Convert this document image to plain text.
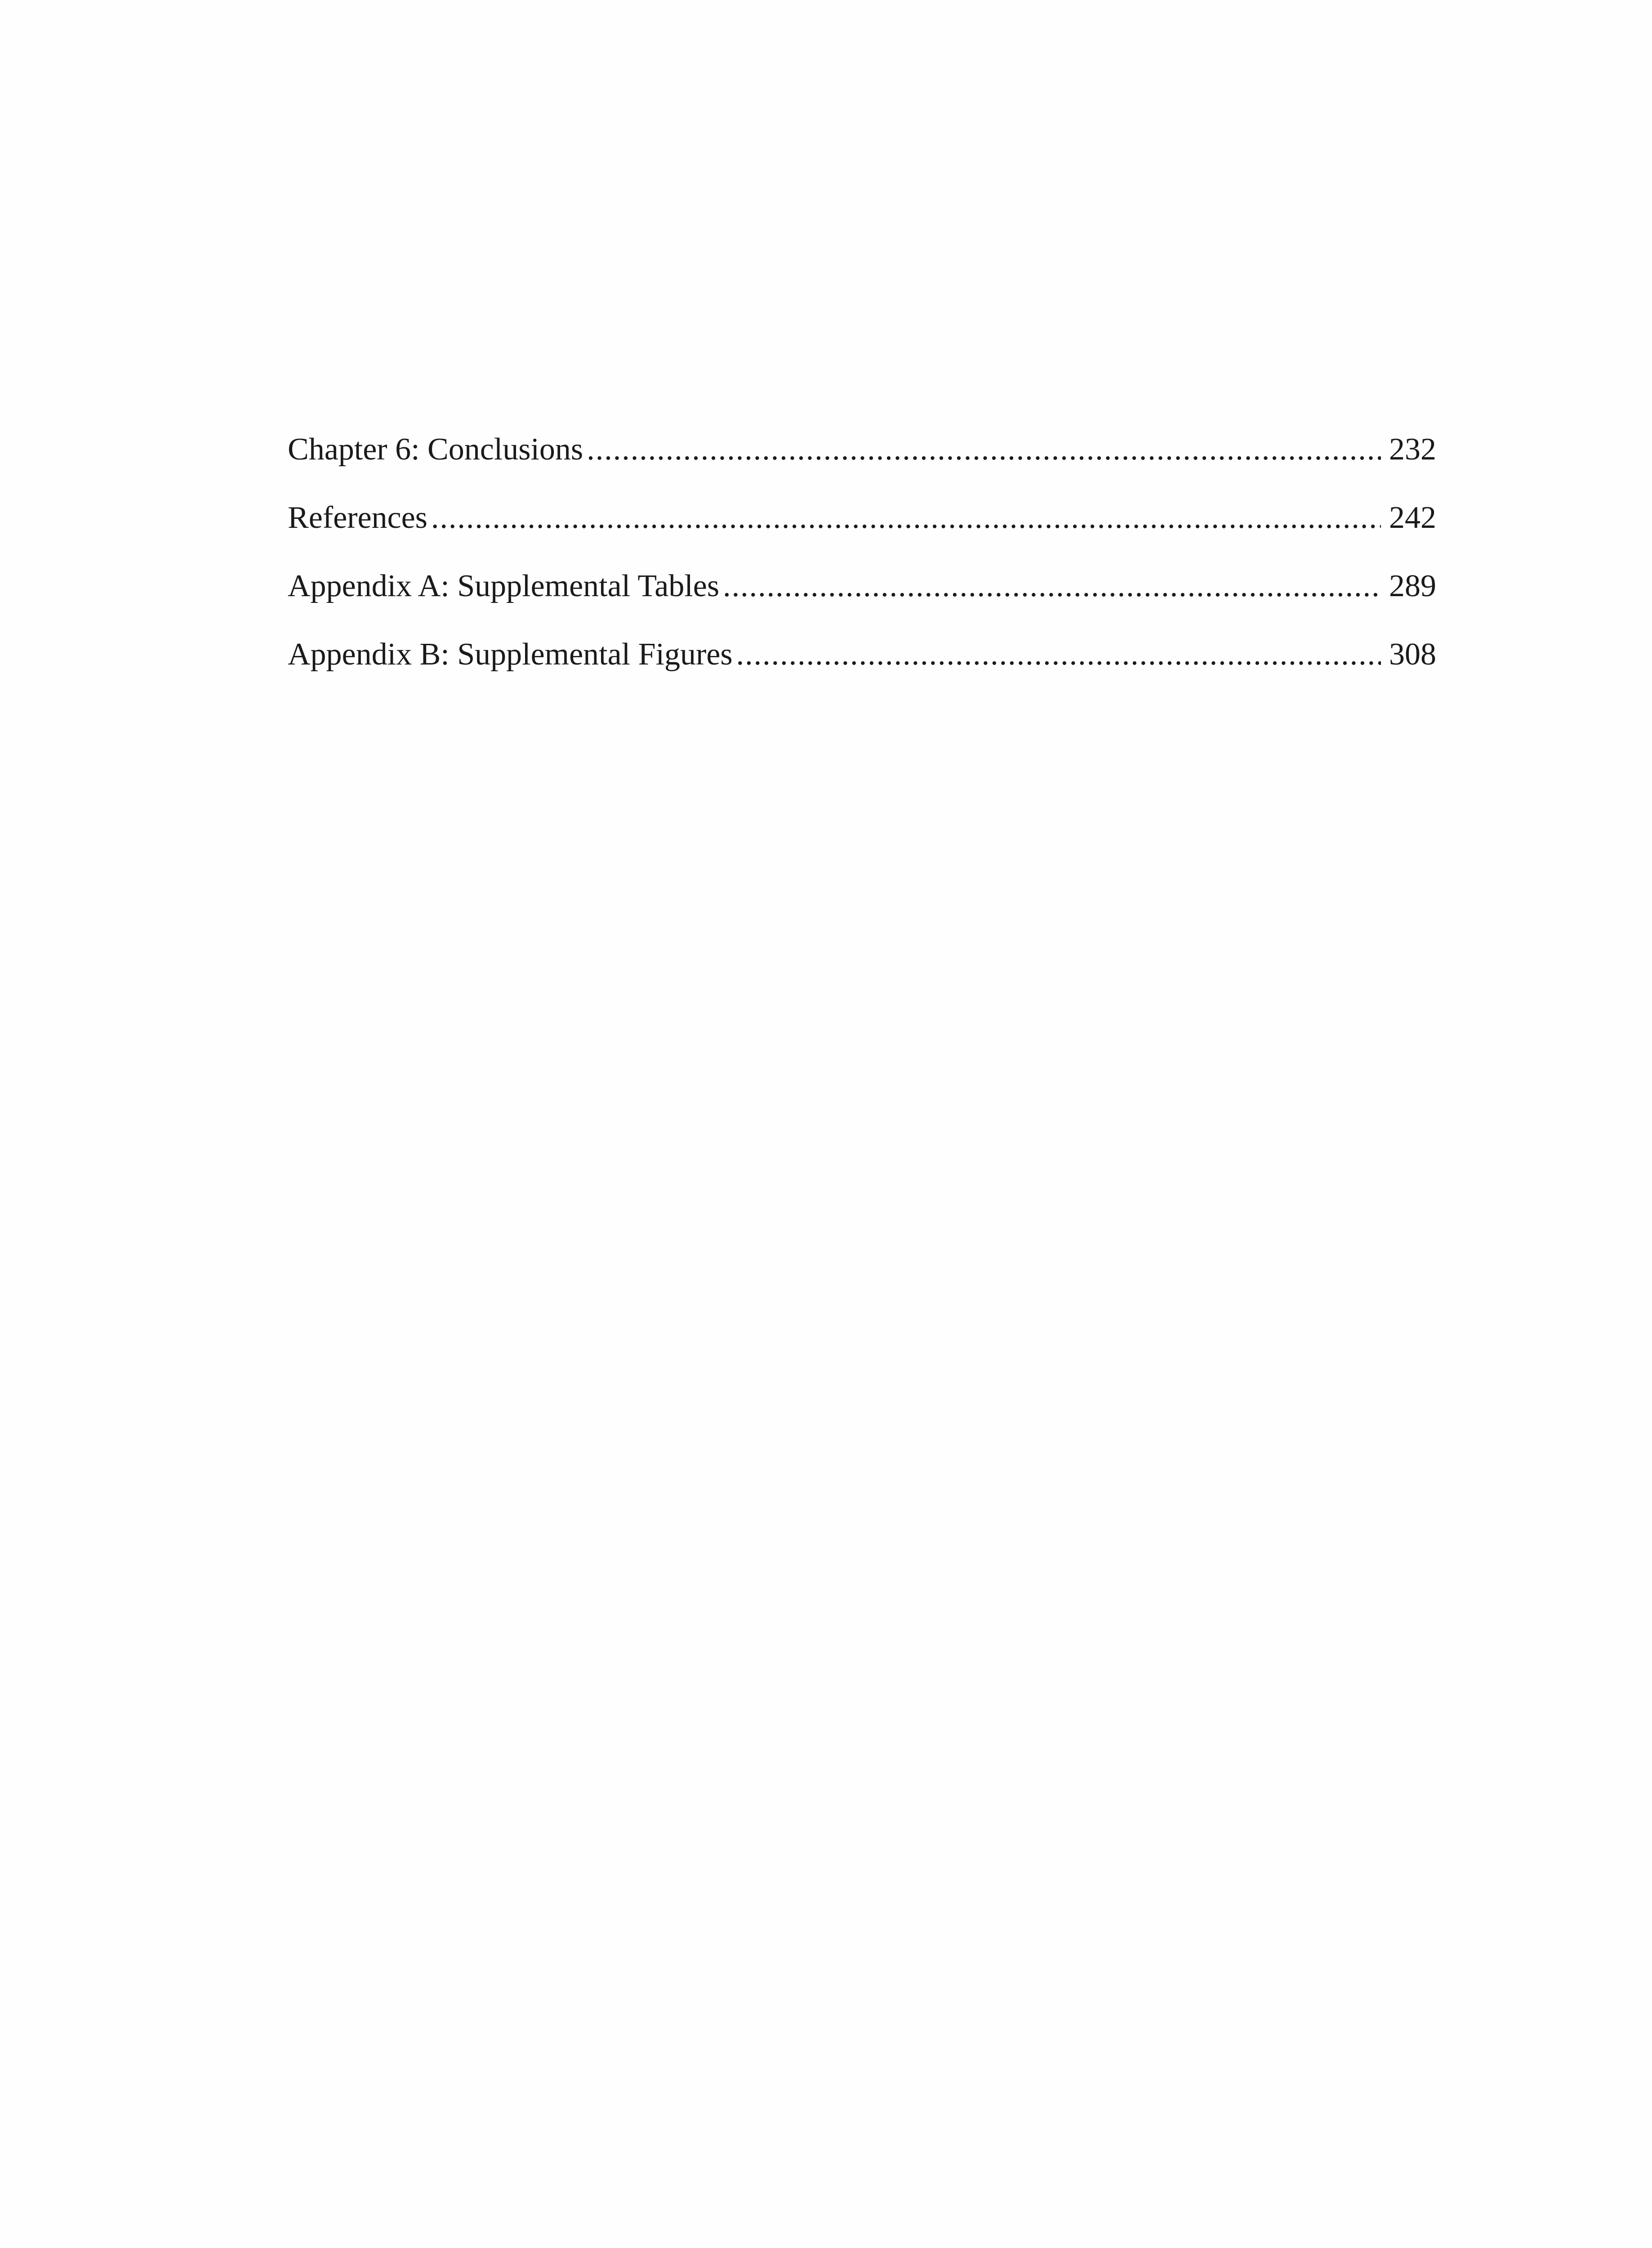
Chapter 6: Conclusions .....	232
References .....	242
Appendix A: Supplemental Tables .....	289
Appendix B: Supplemental Figures .....	308
